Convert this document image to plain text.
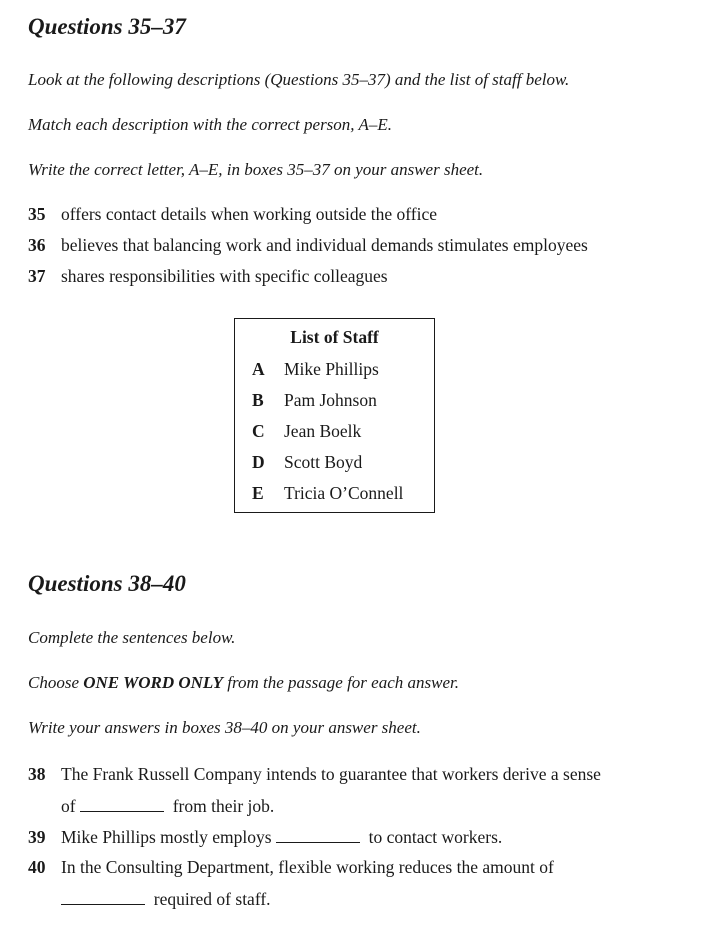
Questions 35–37
Look at the following descriptions (Questions 35–37) and the list of staff below.
Match each description with the correct person, A–E.
Write the correct letter, A–E, in boxes 35–37 on your answer sheet.
35 offers contact details when working outside the office
36 believes that balancing work and individual demands stimulates employees
37 shares responsibilities with specific colleagues
List of Staff
A Mike Phillips
B Pam Johnson
C Jean Boelk
D Scott Boyd
E Tricia O’Connell
Questions 38–40
Complete the sentences below.
Choose ONE WORD ONLY from the passage for each answer.
Write your answers in boxes 38–40 on your answer sheet.
38 The Frank Russell Company intends to guarantee that workers derive a sense
of	from their job.
39 Mike Phillips mostly employs	to contact workers.
40 In the Consulting Department, flexible working reduces the amount of
required of staff.
